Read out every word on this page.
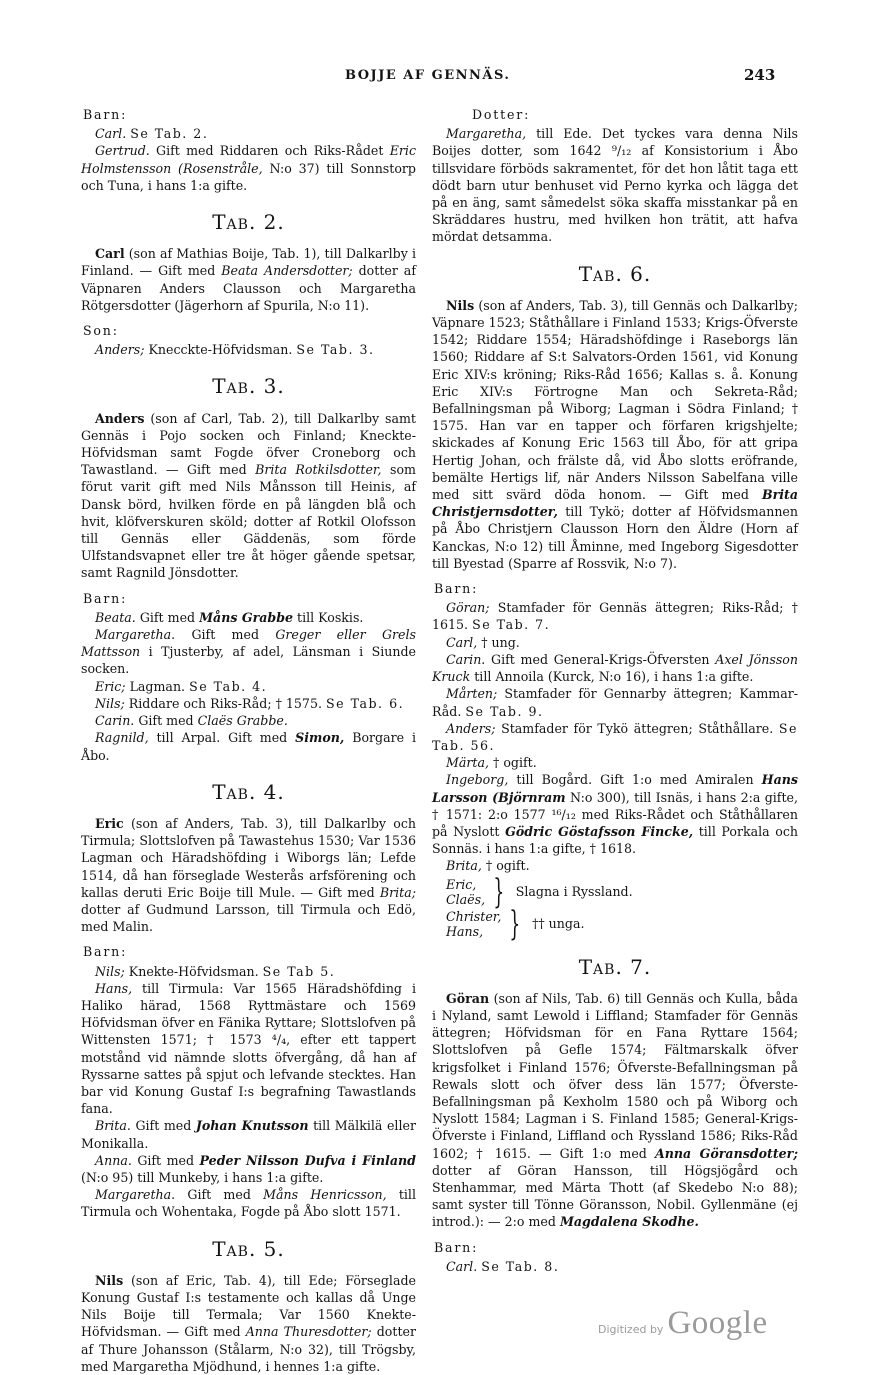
BOJJE AF GENNÄS.	243

Barn:

Carl. Se Tab. 2.

Gertrud. Gift med Riddaren och Riks-Rådet Eric Holmstensson (Rosenstråle, N:o 37) till Sonnstorp och Tuna, i hans 1:a gifte.

Tab. 2.

Carl (son af Mathias Boije, Tab. 1), till Dalkarlby i Finland. — Gift med Beata Andersdotter; dotter af Väpnaren Anders Clausson och Margaretha Rötgersdotter (Jägerhorn af Spurila, N:o 11).

Son:

Anders; Knecckte-Höfvidsman. Se Tab. 3.

Tab. 3.

Anders (son af Carl, Tab. 2), till Dalkarlby samt Gennäs i Pojo socken och Finland; Kneckte-Höfvidsman samt Fogde öfver Croneborg och Tawastland. — Gift med Brita Rotkilsdotter, som förut varit gift med Nils Månsson till Heinis, af Dansk börd, hvilken förde en på längden blå och hvit, klöfverskuren sköld; dotter af Rotkil Olofsson till Gennäs eller Gäddenäs, som förde Ulfstandsvapnet eller tre åt höger gående spetsar, samt Ragnild Jönsdotter.

Barn:

Beata. Gift med Måns Grabbe till Koskis.

Margaretha. Gift med Greger eller Grels Mattsson i Tjusterby, af adel, Länsman i Siunde socken.

Eric; Lagman. Se Tab. 4.

Nils; Riddare och Riks-Råd; † 1575. Se Tab. 6.

Carin. Gift med Claës Grabbe.

Ragnild, till Arpal. Gift med Simon, Borgare i Åbo.

Tab. 4.

Eric (son af Anders, Tab. 3), till Dalkarlby och Tirmula; Slottslofven på Tawastehus 1530; Var 1536 Lagman och Häradshöfding i Wiborgs län; Lefde 1514, då han förseglade Westerås arfsförening och kallas deruti Eric Boije till Mule. — Gift med Brita; dotter af Gudmund Larsson, till Tirmula och Edö, med Malin.

Barn:

Nils; Knekte-Höfvidsman. Se Tab 5.

Hans, till Tirmula: Var 1565 Häradshöfding i Haliko härad, 1568 Ryttmästare och 1569 Höfvidsman öfver en Fänika Ryttare; Slottslofven på Wittensten 1571; † 1573 ⁴/₄, efter ett tappert motstånd vid nämnde slotts öfvergång, då han af Ryssarne sattes på spjut och lefvande stecktes. Han bar vid Konung Gustaf I:s begrafning Tawastlands fana.

Brita. Gift med Johan Knutsson till Mälkilä eller Monikalla.

Anna. Gift med Peder Nilsson Dufva i Finland (N:o 95) till Munkeby, i hans 1:a gifte.

Margaretha. Gift med Måns Henricsson, till Tirmula och Wohentaka, Fogde på Åbo slott 1571.

Tab. 5.

Nils (son af Eric, Tab. 4), till Ede; Förseglade Konung Gustaf I:s testamente och kallas då Unge Nils Boije till Termala; Var 1560 Knekte-Höfvidsman. — Gift med Anna Thuresdotter; dotter af Thure Johansson (Stålarm, N:o 32), till Trögsby, med Margaretha Mjödhund, i hennes 1:a gifte.

Dotter:

Margaretha, till Ede. Det tyckes vara denna Nils Boijes dotter, som 1642 ⁹/₁₂ af Konsistorium i Åbo tillsvidare förböds sakramentet, för det hon låtit taga ett dödt barn utur benhuset vid Perno kyrka och lägga det på en äng, samt såmedelst söka skaffa misstankar på en Skräddares hustru, med hvilken hon trätit, att hafva mördat detsamma.

Tab. 6.

Nils (son af Anders, Tab. 3), till Gennäs och Dalkarlby; Väpnare 1523; Ståthållare i Finland 1533; Krigs-Öfverste 1542; Riddare 1554; Häradshöfdinge i Raseborgs län 1560; Riddare af S:t Salvators-Orden 1561, vid Konung Eric XIV:s kröning; Riks-Råd 1656; Kallas s. å. Konung Eric XIV:s Förtrogne Man och Sekreta-Råd; Befallningsman på Wiborg; Lagman i Södra Finland; † 1575. Han var en tapper och förfaren krigshjelte; skickades af Konung Eric 1563 till Åbo, för att gripa Hertig Johan, och frälste då, vid Åbo slotts eröfrande, bemälte Hertigs lif, när Anders Nilsson Sabelfana ville med sitt svärd döda honom. — Gift med Brita Christjernsdotter, till Tykö; dotter af Höfvidsmannen på Åbo Christjern Clausson Horn den Äldre (Horn af Kanckas, N:o 12) till Åminne, med Ingeborg Sigesdotter till Byestad (Sparre af Rossvik, N:o 7).

Barn:

Göran; Stamfader för Gennäs ättegren; Riks-Råd; † 1615. Se Tab. 7.

Carl, † ung.

Carin. Gift med General-Krigs-Öfversten Axel Jönsson Kruck till Annoila (Kurck, N:o 16), i hans 1:a gifte.

Mårten; Stamfader för Gennarby ättegren; Kammar-Råd. Se Tab. 9.

Anders; Stamfader för Tykö ättegren; Ståthållare. Se Tab. 56.

Märta, † ogift.

Ingeborg, till Bogård. Gift 1:o med Amiralen Hans Larsson (Björnram N:o 300), till Isnäs, i hans 2:a gifte, † 1571: 2:o 1577 ¹⁶/₁₂ med Riks-Rådet och Ståthållaren på Nyslott Gödric Göstafsson Fincke, till Porkala och Sonnäs. i hans 1:a gifte, † 1618.

Brita, † ogift.

Eric,
Claës, } Slagna i Ryssland.
Christer,
Hans, } †† unga.
Tab. 7.

Göran (son af Nils, Tab. 6) till Gennäs och Kulla, båda i Nyland, samt Lewold i Liffland; Stamfader för Gennäs ättegren; Höfvidsman för en Fana Ryttare 1564; Slottslofven på Gefle 1574; Fältmarskalk öfver krigsfolket i Finland 1576; Öfverste-Befallningsman på Rewals slott och öfver dess län 1577; Öfverste-Befallningsman på Kexholm 1580 och på Wiborg och Nyslott 1584; Lagman i S. Finland 1585; General-Krigs-Öfverste i Finland, Liffland och Ryssland 1586; Riks-Råd 1602; † 1615. — Gift 1:o med Anna Göransdotter; dotter af Göran Hansson, till Högsjögård och Stenhammar, med Märta Thott (af Skedebo N:o 88); samt syster till Tönne Göransson, Nobil. Gyllenmäne (ej introd.): — 2:o med Magdalena Skodhe.

Barn:

Carl. Se Tab. 8.

Digitized by Google
